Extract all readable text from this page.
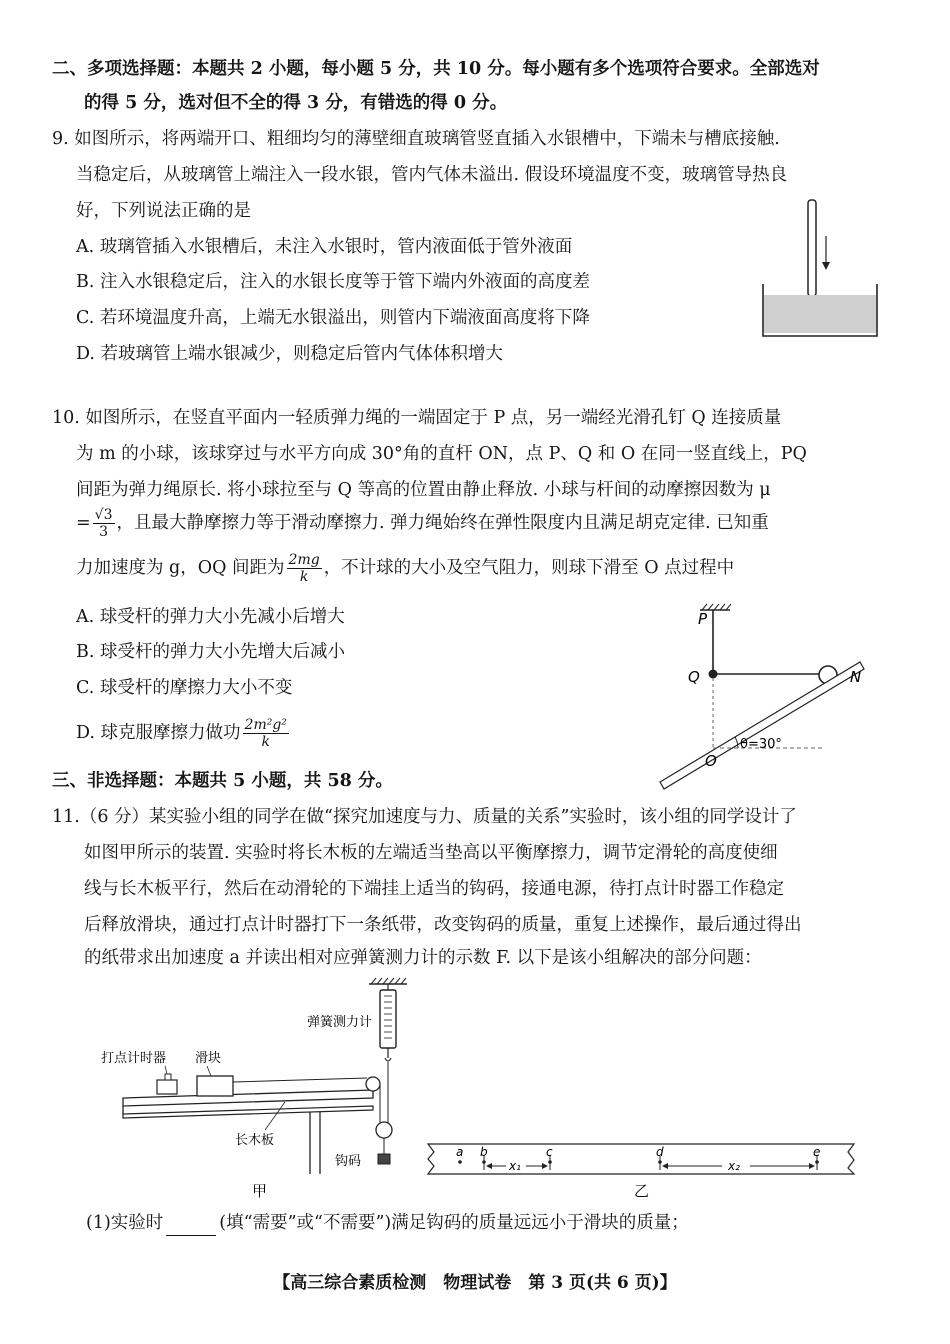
二、多项选择题：本题共 2 小题，每小题 5 分，共 10 分。每小题有多个选项符合要求。全部选对
的得 5 分，选对但不全的得 3 分，有错选的得 0 分。
9. 如图所示，将两端开口、粗细均匀的薄壁细直玻璃管竖直插入水银槽中，下端未与槽底接触.
当稳定后，从玻璃管上端注入一段水银，管内气体未溢出. 假设环境温度不变，玻璃管导热良
好，下列说法正确的是
A. 玻璃管插入水银槽后，未注入水银时，管内液面低于管外液面
B. 注入水银稳定后，注入的水银长度等于管下端内外液面的高度差
C. 若环境温度升高，上端无水银溢出，则管内下端液面高度将下降
D. 若玻璃管上端水银减少，则稳定后管内气体体积增大
10. 如图所示，在竖直平面内一轻质弹力绳的一端固定于 P 点，另一端经光滑孔钉 Q 连接质量
为 m 的小球，该球穿过与水平方向成 30°角的直杆 ON，点 P、Q 和 O 在同一竖直线上，PQ
间距为弹力绳原长. 将小球拉至与 Q 等高的位置由静止释放. 小球与杆间的动摩擦因数为 μ
= $\frac{√3}{3}$ ，且最大静摩擦力等于滑动摩擦力. 弹力绳始终在弹性限度内且满足胡克定律. 已知重
力加速度为 g，OQ 间距为 $\frac{2mg}{k}$ ，不计球的大小及空气阻力，则球下滑至 O 点过程中
A. 球受杆的弹力大小先减小后增大
B. 球受杆的弹力大小先增大后减小
C. 球受杆的摩擦力大小不变
D. 球克服摩擦力做功 $\frac{\text{2m²g²}}{k}$
P
Q	N
O
θ=30°
三、非选择题：本题共 5 小题，共 58 分。
11.（6 分）某实验小组的同学在做“探究加速度与力、质量的关系”实验时，该小组的同学设计了
如图甲所示的装置. 实验时将长木板的左端适当垫高以平衡摩擦力，调节定滑轮的高度使细
线与长木板平行，然后在动滑轮的下端挂上适当的钩码，接通电源，待打点计时器工作稳定
后释放滑块，通过打点计时器打下一条纸带，改变钩码的质量，重复上述操作，最后通过得出
的纸带求出加速度 a 并读出相对应弹簧测力计的示数 F. 以下是该小组解决的部分问题：
弹簧测力计
打点计时器 滑块
长木板
钩码
甲
a b	c	d	e
x₁	x₂
乙
(1)实验时	(填“需要”或“不需要”)满足钩码的质量远远小于滑块的质量；
【高三综合素质检测　物理试卷　第 3 页(共 6 页)】
